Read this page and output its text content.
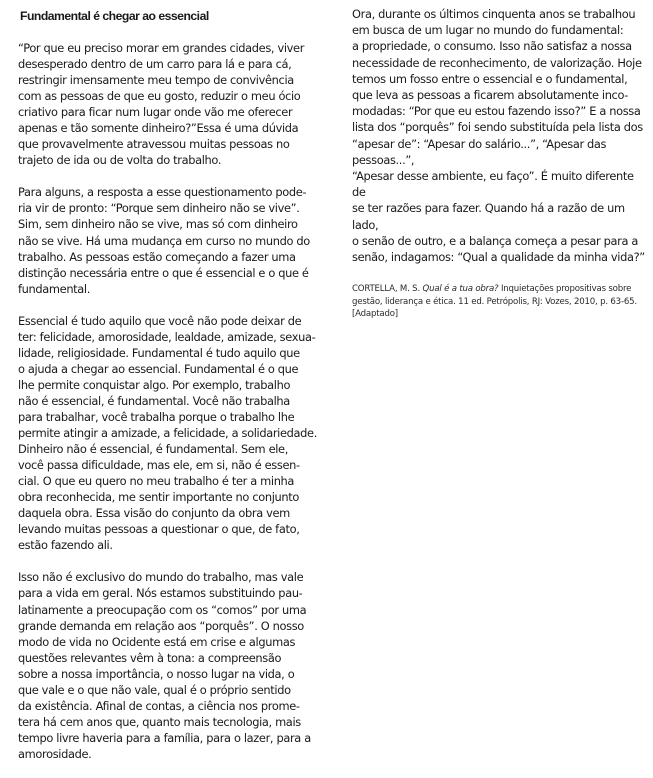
Fundamental é chegar ao essencial

“Por que eu preciso morar em grandes cidades, viver
desesperado dentro de um carro para lá e para cá,
restringir imensamente meu tempo de convivência
com as pessoas de que eu gosto, reduzir o meu ócio
criativo para ficar num lugar onde vão me oferecer
apenas e tão somente dinheiro?”Essa é uma dúvida
que provavelmente atravessou muitas pessoas no
trajeto de ida ou de volta do trabalho.

Para alguns, a resposta a esse questionamento pode-
ria vir de pronto: “Porque sem dinheiro não se vive”.
Sim, sem dinheiro não se vive, mas só com dinheiro
não se vive. Há uma mudança em curso no mundo do
trabalho. As pessoas estão começando a fazer uma
distinção necessária entre o que é essencial e o que é
fundamental.

Essencial é tudo aquilo que você não pode deixar de
ter: felicidade, amorosidade, lealdade, amizade, sexua-
lidade, religiosidade. Fundamental é tudo aquilo que
o ajuda a chegar ao essencial. Fundamental é o que
lhe permite conquistar algo. Por exemplo, trabalho
não é essencial, é fundamental. Você não trabalha
para trabalhar, você trabalha porque o trabalho lhe
permite atingir a amizade, a felicidade, a solidariedade.
Dinheiro não é essencial, é fundamental. Sem ele,
você passa dificuldade, mas ele, em si, não é essen-
cial. O que eu quero no meu trabalho é ter a minha
obra reconhecida, me sentir importante no conjunto
daquela obra. Essa visão do conjunto da obra vem
levando muitas pessoas a questionar o que, de fato,
estão fazendo ali.

Isso não é exclusivo do mundo do trabalho, mas vale
para a vida em geral. Nós estamos substituindo pau-
latinamente a preocupação com os “comos” por uma
grande demanda em relação aos “porquês”. O nosso
modo de vida no Ocidente está em crise e algumas
questões relevantes vêm à tona: a compreensão
sobre a nossa importância, o nosso lugar na vida, o
que vale e o que não vale, qual é o próprio sentido
da existência. Afinal de contas, a ciência nos prome-
tera há cem anos que, quanto mais tecnologia, mais
tempo livre haveria para a família, para o lazer, para a
amorosidade.

Ora, durante os últimos cinquenta anos se trabalhou
em busca de um lugar no mundo do fundamental:
a propriedade, o consumo. Isso não satisfaz a nossa
necessidade de reconhecimento, de valorização. Hoje
temos um fosso entre o essencial e o fundamental,
que leva as pessoas a ficarem absolutamente inco-
modadas: “Por que eu estou fazendo isso?” E a nossa
lista dos “porquês” foi sendo substituída pela lista dos
“apesar de”: “Apesar do salário...”, “Apesar das pessoas...”,
“Apesar desse ambiente, eu faço”. É muito diferente de
se ter razões para fazer. Quando há a razão de um lado,
o senão de outro, e a balança começa a pesar para a
senão, indagamos: “Qual a qualidade da minha vida?”

CORTELLA, M. S. Qual é a tua obra? Inquietações propositivas sobre
gestão, liderança e ética. 11 ed. Petrópolis, RJ: Vozes, 2010, p. 63-65.
[Adaptado]
